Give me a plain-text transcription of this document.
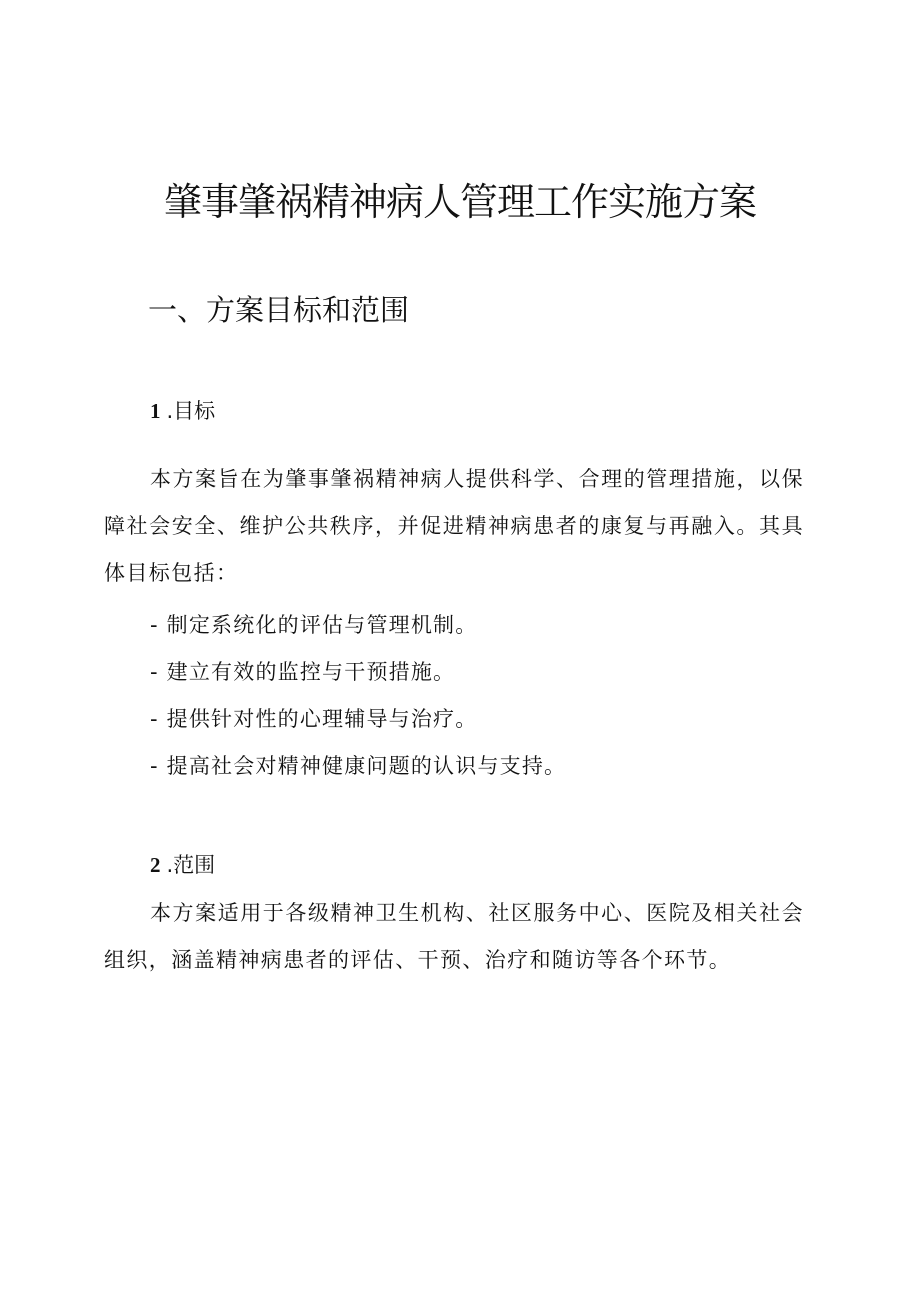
肇事肇祸精神病人管理工作实施方案
一、方案目标和范围
1 .目标

本方案旨在为肇事肇祸精神病人提供科学、合理的管理措施，以保障社会安全、维护公共秩序，并促进精神病患者的康复与再融入。其具体目标包括：

- 制定系统化的评估与管理机制。
- 建立有效的监控与干预措施。
- 提供针对性的心理辅导与治疗。
- 提高社会对精神健康问题的认识与支持。
2 .范围

本方案适用于各级精神卫生机构、社区服务中心、医院及相关社会组织，涵盖精神病患者的评估、干预、治疗和随访等各个环节。
